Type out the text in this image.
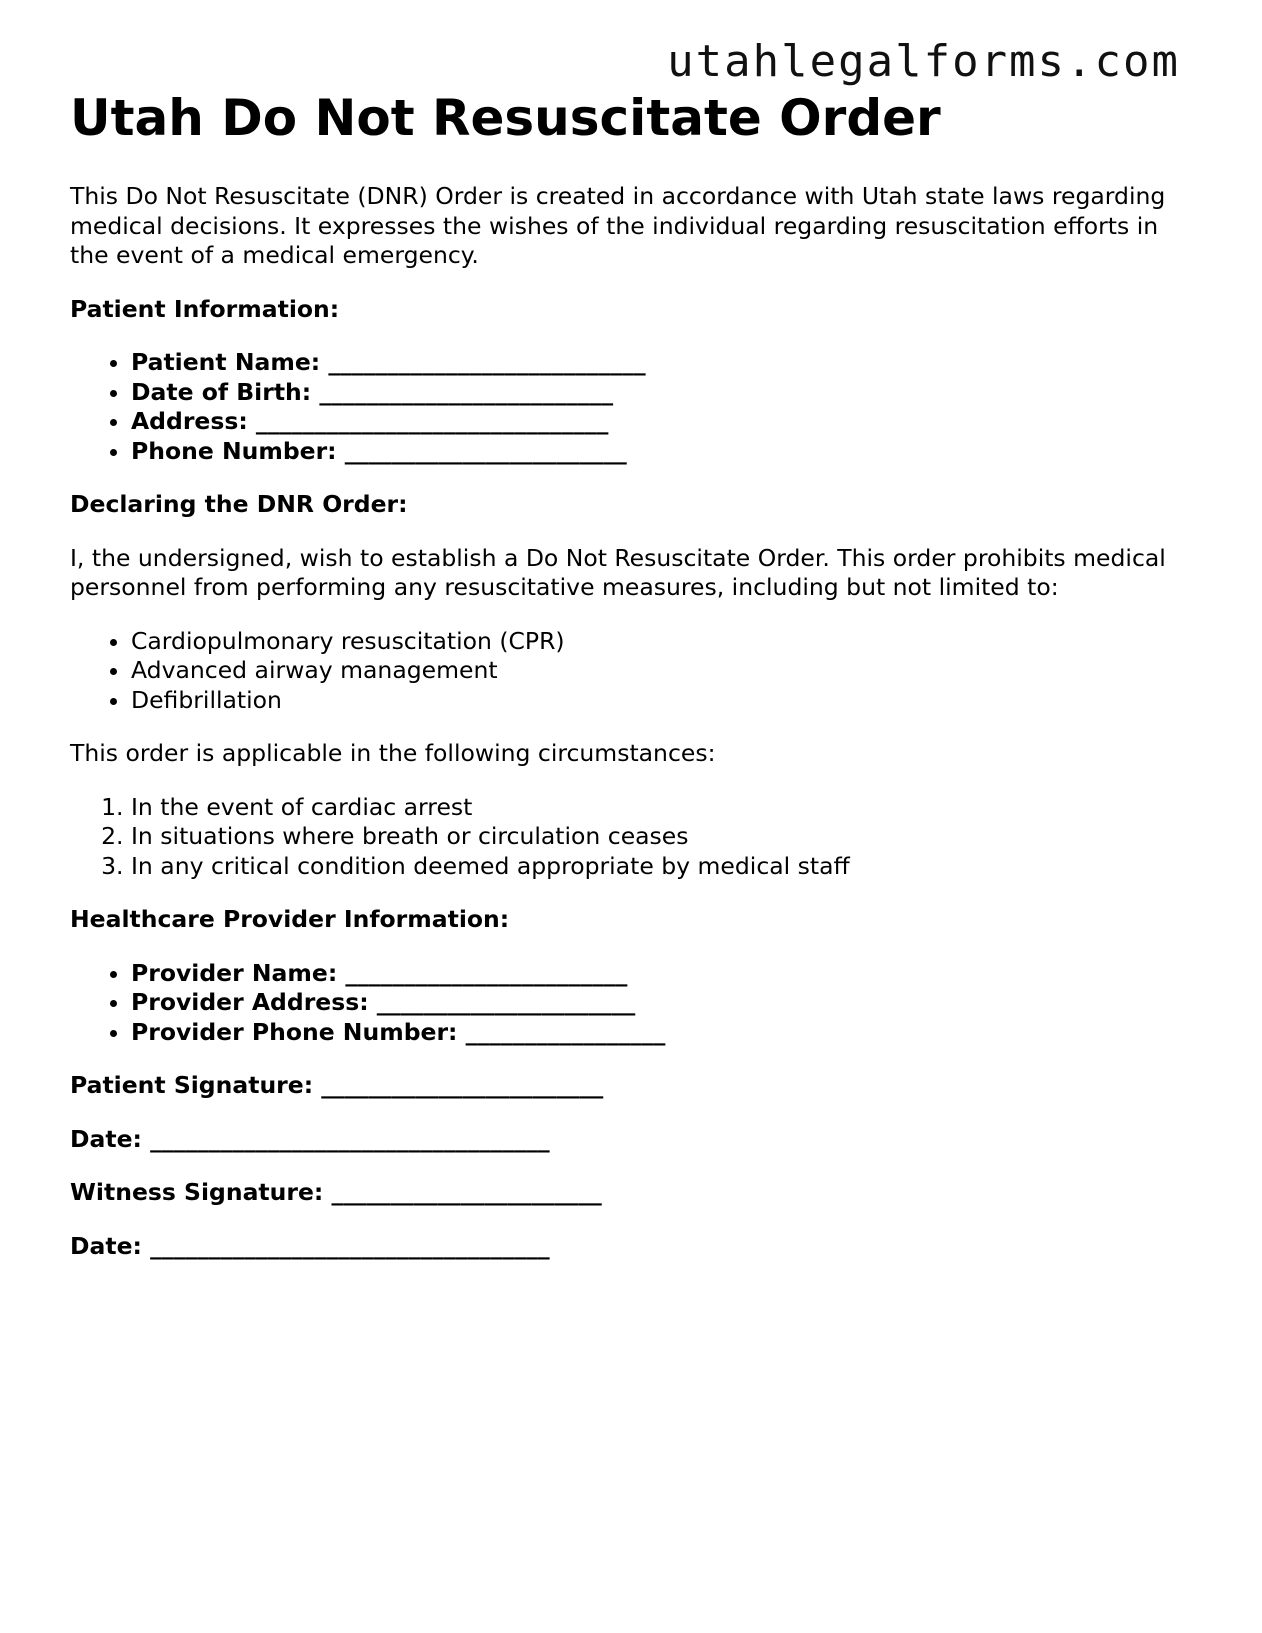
utahlegalforms.com
Utah Do Not Resuscitate Order

This Do Not Resuscitate (DNR) Order is created in accordance with Utah state laws regarding medical decisions. It expresses the wishes of the individual regarding resuscitation efforts in the event of a medical emergency.

Patient Information:

• Patient Name: ___________________________
• Date of Birth: _________________________
• Address: ______________________________
• Phone Number: ________________________

Declaring the DNR Order:

I, the undersigned, wish to establish a Do Not Resuscitate Order. This order prohibits medical personnel from performing any resuscitative measures, including but not limited to:

• Cardiopulmonary resuscitation (CPR)
• Advanced airway management
• Defibrillation

This order is applicable in the following circumstances:

1. In the event of cardiac arrest
2. In situations where breath or circulation ceases
3. In any critical condition deemed appropriate by medical staff

Healthcare Provider Information:

• Provider Name: ________________________
• Provider Address: ______________________
• Provider Phone Number: _________________

Patient Signature: ________________________

Date: __________________________________

Witness Signature: _______________________

Date: __________________________________
